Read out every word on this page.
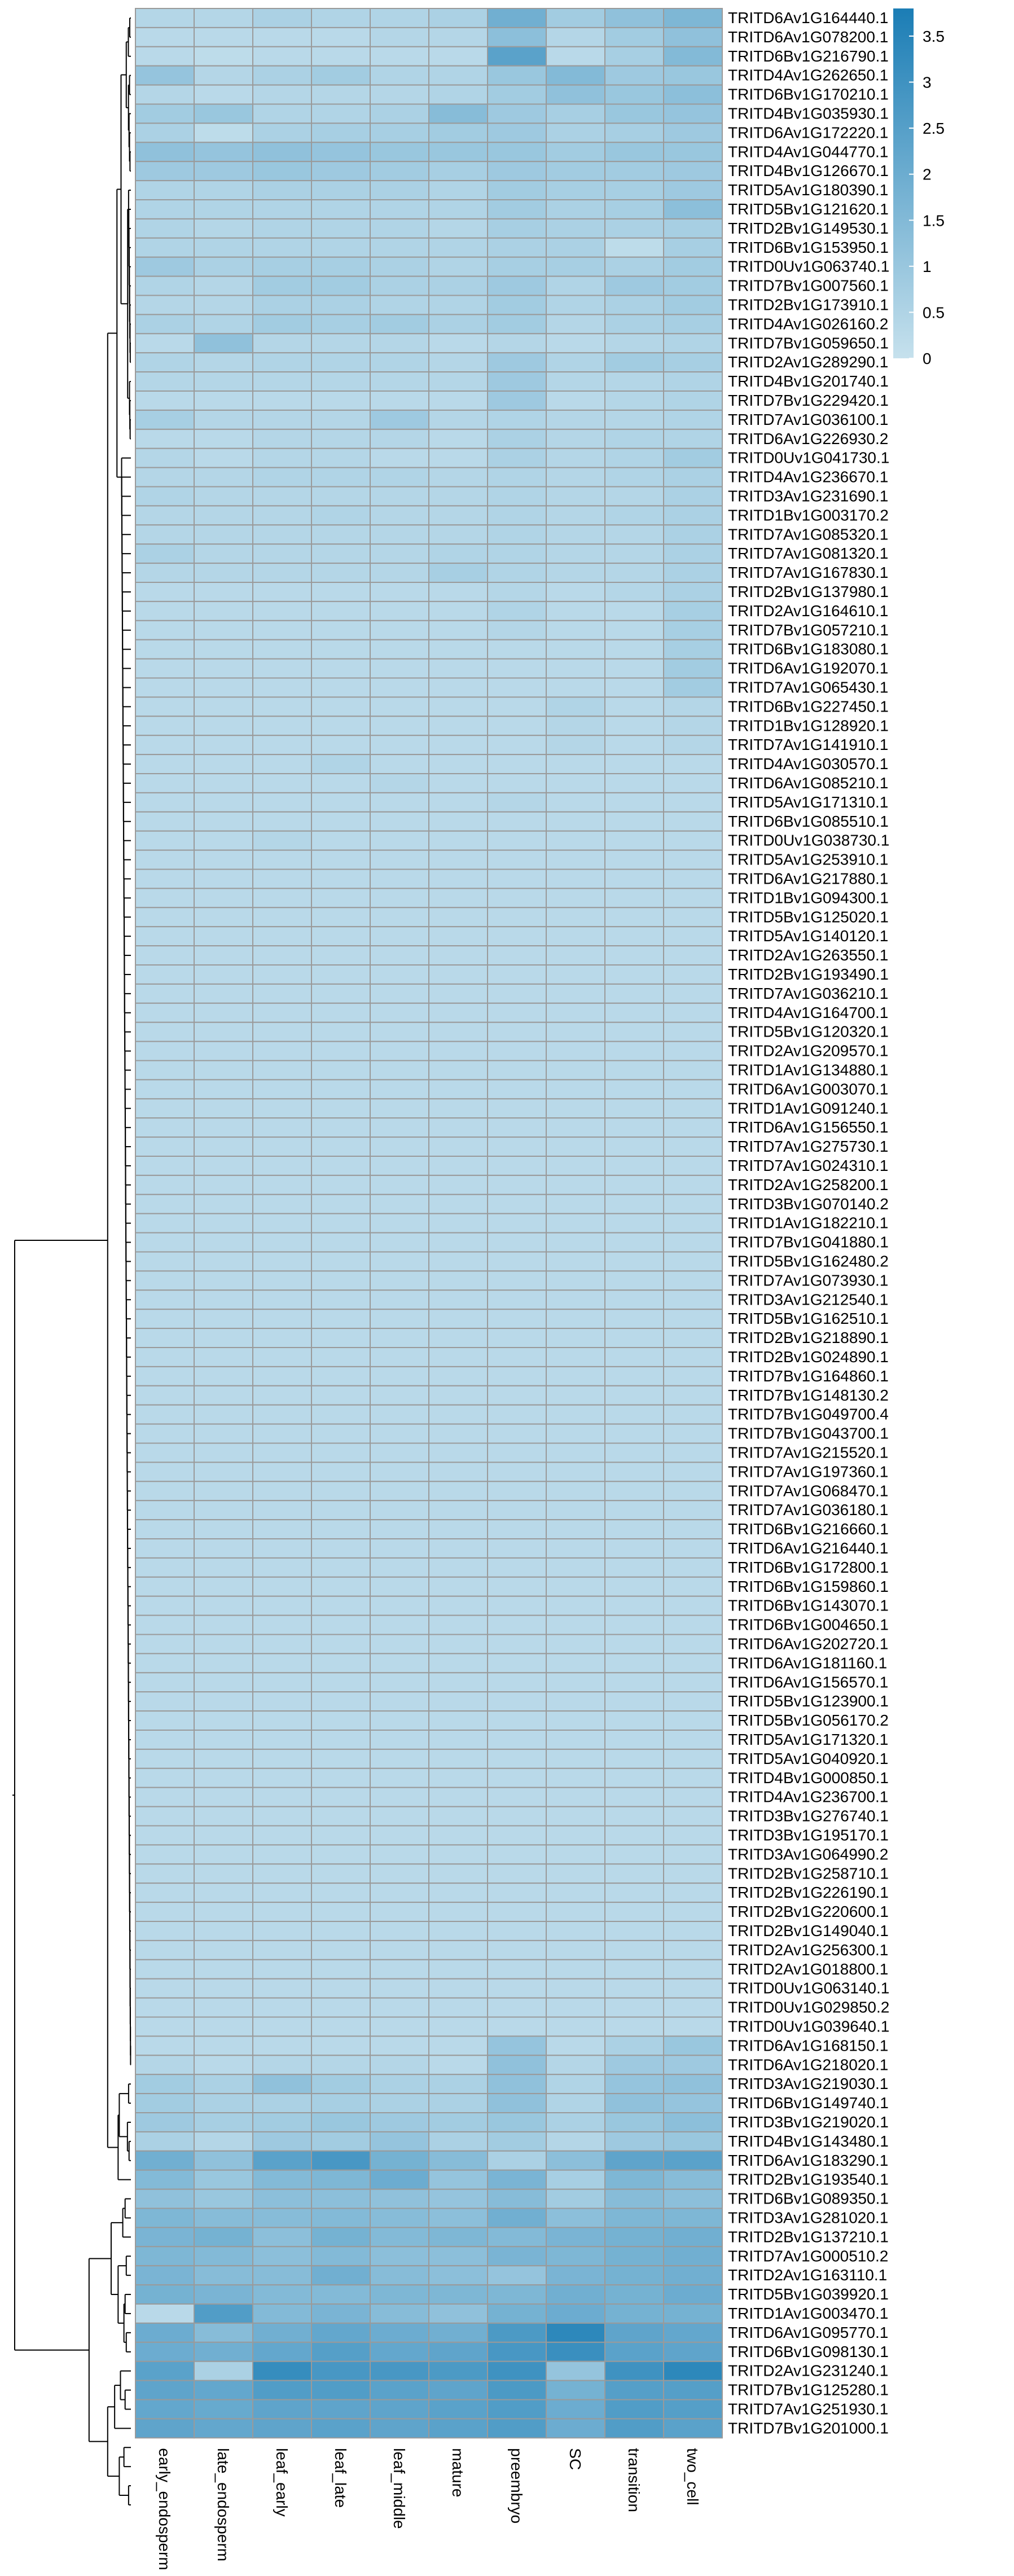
TRITD6Av1G164440.1
TRITD6Av1G078200.1
TRITD6Bv1G216790.1
TRITD4Av1G262650.1
TRITD6Bv1G170210.1
TRITD4Bv1G035930.1
TRITD6Av1G172220.1
TRITD4Av1G044770.1
TRITD4Bv1G126670.1
TRITD5Av1G180390.1
TRITD5Bv1G121620.1
TRITD2Bv1G149530.1
TRITD6Bv1G153950.1
TRITD0Uv1G063740.1
TRITD7Bv1G007560.1
TRITD2Bv1G173910.1
TRITD4Av1G026160.2
TRITD7Bv1G059650.1
TRITD2Av1G289290.1
TRITD4Bv1G201740.1
TRITD7Bv1G229420.1
TRITD7Av1G036100.1
TRITD6Av1G226930.2
TRITD0Uv1G041730.1
TRITD4Av1G236670.1
TRITD3Av1G231690.1
TRITD1Bv1G003170.2
TRITD7Av1G085320.1
TRITD7Av1G081320.1
TRITD7Av1G167830.1
TRITD2Bv1G137980.1
TRITD2Av1G164610.1
TRITD7Bv1G057210.1
TRITD6Bv1G183080.1
TRITD6Av1G192070.1
TRITD7Av1G065430.1
TRITD6Bv1G227450.1
TRITD1Bv1G128920.1
TRITD7Av1G141910.1
TRITD4Av1G030570.1
TRITD6Av1G085210.1
TRITD5Av1G171310.1
TRITD6Bv1G085510.1
TRITD0Uv1G038730.1
TRITD5Av1G253910.1
TRITD6Av1G217880.1
TRITD1Bv1G094300.1
TRITD5Bv1G125020.1
TRITD5Av1G140120.1
TRITD2Av1G263550.1
TRITD2Bv1G193490.1
TRITD7Av1G036210.1
TRITD4Av1G164700.1
TRITD5Bv1G120320.1
TRITD2Av1G209570.1
TRITD1Av1G134880.1
TRITD6Av1G003070.1
TRITD1Av1G091240.1
TRITD6Av1G156550.1
TRITD7Av1G275730.1
TRITD7Av1G024310.1
TRITD2Av1G258200.1
TRITD3Bv1G070140.2
TRITD1Av1G182210.1
TRITD7Bv1G041880.1
TRITD5Bv1G162480.2
TRITD7Av1G073930.1
TRITD3Av1G212540.1
TRITD5Bv1G162510.1
TRITD2Bv1G218890.1
TRITD2Bv1G024890.1
TRITD7Bv1G164860.1
TRITD7Bv1G148130.2
TRITD7Bv1G049700.4
TRITD7Bv1G043700.1
TRITD7Av1G215520.1
TRITD7Av1G197360.1
TRITD7Av1G068470.1
TRITD7Av1G036180.1
TRITD6Bv1G216660.1
TRITD6Av1G216440.1
TRITD6Bv1G172800.1
TRITD6Bv1G159860.1
TRITD6Bv1G143070.1
TRITD6Bv1G004650.1
TRITD6Av1G202720.1
TRITD6Av1G181160.1
TRITD6Av1G156570.1
TRITD5Bv1G123900.1
TRITD5Bv1G056170.2
TRITD5Av1G171320.1
TRITD5Av1G040920.1
TRITD4Bv1G000850.1
TRITD4Av1G236700.1
TRITD3Bv1G276740.1
TRITD3Bv1G195170.1
TRITD3Av1G064990.2
TRITD2Bv1G258710.1
TRITD2Bv1G226190.1
TRITD2Bv1G220600.1
TRITD2Bv1G149040.1
TRITD2Av1G256300.1
TRITD2Av1G018800.1
TRITD0Uv1G063140.1
TRITD0Uv1G029850.2
TRITD0Uv1G039640.1
TRITD6Av1G168150.1
TRITD6Av1G218020.1
TRITD3Av1G219030.1
TRITD6Bv1G149740.1
TRITD3Bv1G219020.1
TRITD4Bv1G143480.1
TRITD6Av1G183290.1
TRITD2Bv1G193540.1
TRITD6Bv1G089350.1
TRITD3Av1G281020.1
TRITD2Bv1G137210.1
TRITD7Av1G000510.2
TRITD2Av1G163110.1
TRITD5Bv1G039920.1
TRITD1Av1G003470.1
TRITD6Av1G095770.1
TRITD6Bv1G098130.1
TRITD2Av1G231240.1
TRITD7Bv1G125280.1
TRITD7Av1G251930.1
TRITD7Bv1G201000.1
early_endosperm	late_endosperm	leaf_early	leaf_late	leaf_middle	mature	preembryo	SC	transition	two_cell
0
0.5
1
1.5
2
2.5
3
3.5
